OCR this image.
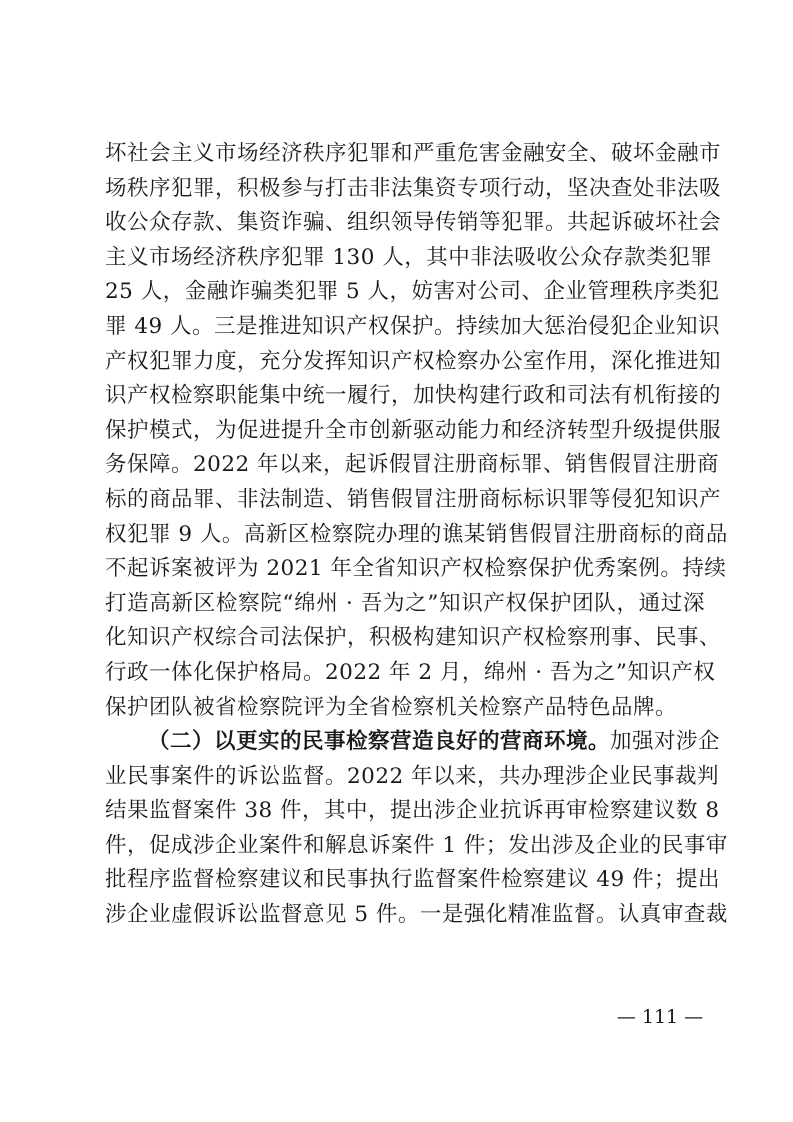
坏社会主义市场经济秩序犯罪和严重危害金融安全、破坏金融市
场秩序犯罪，积极参与打击非法集资专项行动，坚决查处非法吸
收公众存款、集资诈骗、组织领导传销等犯罪。共起诉破坏社会
主义市场经济秩序犯罪 130 人，其中非法吸收公众存款类犯罪
25 人，金融诈骗类犯罪 5 人，妨害对公司、企业管理秩序类犯
罪 49 人。三是推进知识产权保护。持续加大惩治侵犯企业知识
产权犯罪力度，充分发挥知识产权检察办公室作用，深化推进知
识产权检察职能集中统一履行，加快构建行政和司法有机衔接的
保护模式，为促进提升全市创新驱动能力和经济转型升级提供服
务保障。2022 年以来，起诉假冒注册商标罪、销售假冒注册商
标的商品罪、非法制造、销售假冒注册商标标识罪等侵犯知识产
权犯罪 9 人。高新区检察院办理的谯某销售假冒注册商标的商品
不起诉案被评为 2021 年全省知识产权检察保护优秀案例。持续
打造高新区检察院“绵州 · 吾为之”知识产权保护团队，通过深
化知识产权综合司法保护，积极构建知识产权检察刑事、民事、
行政一体化保护格局。2022 年 2 月，绵州 · 吾为之”知识产权
保护团队被省检察院评为全省检察机关检察产品特色品牌。
（二）以更实的民事检察营造良好的营商环境。加强对涉企
业民事案件的诉讼监督。2022 年以来，共办理涉企业民事裁判
结果监督案件 38 件，其中，提出涉企业抗诉再审检察建议数 8
件，促成涉企业案件和解息诉案件 1 件；发出涉及企业的民事审
批程序监督检察建议和民事执行监督案件检察建议 49 件；提出
涉企业虚假诉讼监督意见 5 件。一是强化精准监督。认真审查裁
— 111 —
